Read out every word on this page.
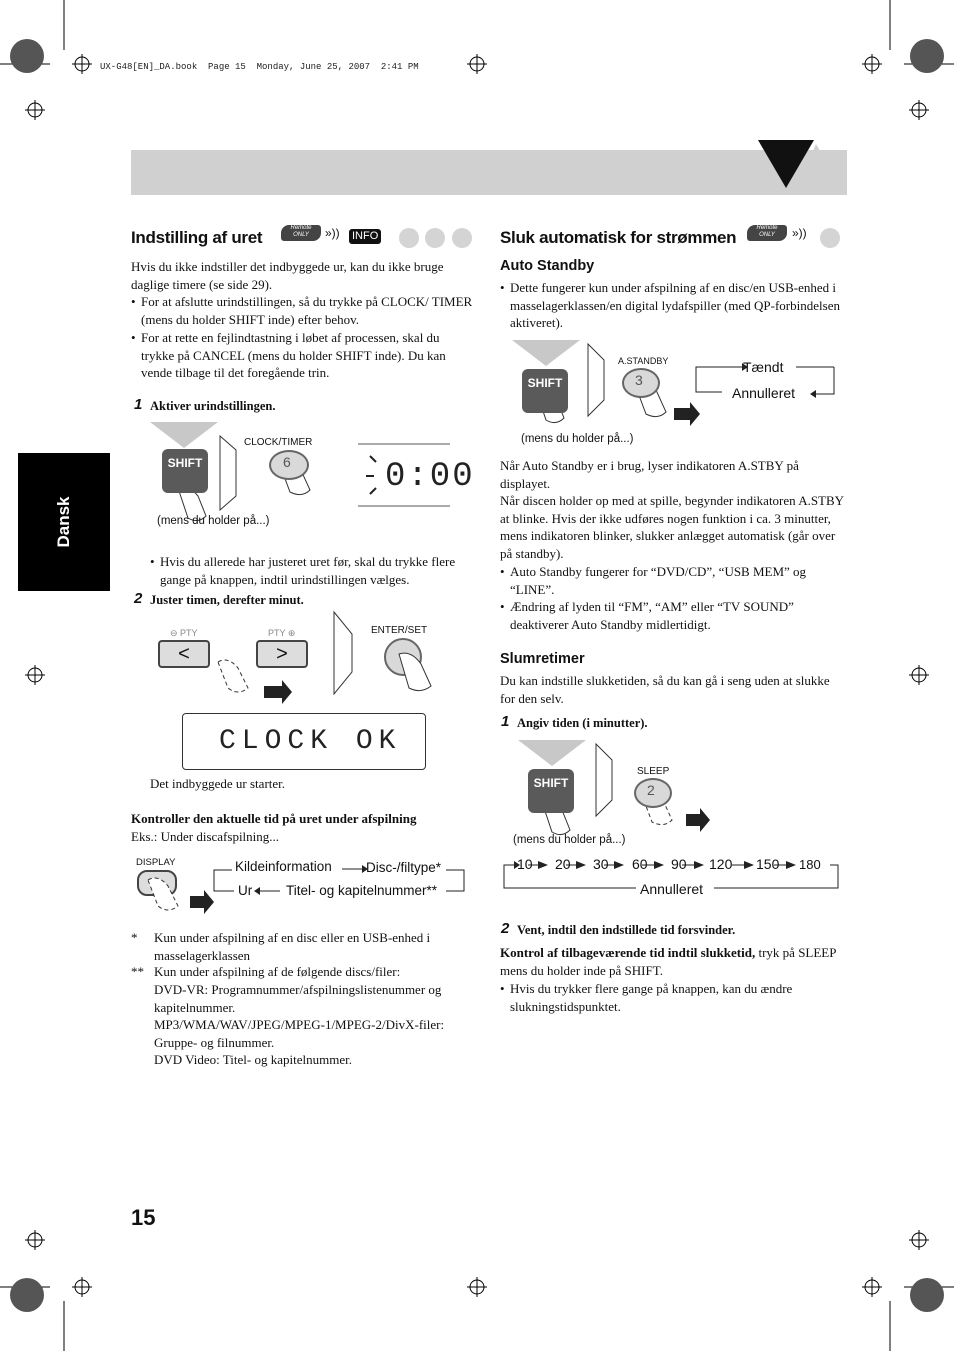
UX-G48[EN]_DA.book  Page 15  Monday, June 25, 2007  2:41 PM
Dansk
Indstilling af uret	Remote
ONLY	»)) INFO
Hvis du ikke indstiller det indbyggede ur, kan du ikke bruge daglige timere (se side 29).
• For at afslutte urindstillingen, så du trykke på CLOCK/ TIMER (mens du holder SHIFT inde) efter behov.
• For at rette en fejlindtastning i løbet af processen, skal du trykke på CANCEL (mens du holder SHIFT inde). Du kan vende tilbage til det foregående trin.
1 Aktiver urindstillingen.
SHIFT
CLOCK/TIMER
6	0:00
(mens du holder på...)
• Hvis du allerede har justeret uret før, skal du trykke flere gange på knappen, indtil urindstillingen vælges.
2 Juster timen, derefter minut.
⊖ PTY	PTY ⊕
<	>
ENTER/SET
CLOCK OK
Det indbyggede ur starter.
Kontroller den aktuelle tid på uret under afspilning
Eks.: Under discafspilning...
DISPLAY	Kildeinformation	Disc-/filtype*
Ur	Titel- og kapitelnummer**
*	Kun under afspilning af en disc eller en USB-enhed i masselagerklassen
** Kun under afspilning af de følgende discs/filer:
DVD-VR: Programnummer/afspilningslistenummer og kapitelnummer.
MP3/WMA/WAV/JPEG/MPEG-1/MPEG-2/DivX-filer:
Gruppe- og filnummer.
DVD Video: Titel- og kapitelnummer.
Sluk automatisk for strømmen	Remote
ONLY	»))
Auto Standby
• Dette fungerer kun under afspilning af en disc/en USB-enhed i masselagerklassen/en digital lydafspiller (med QP-forbindelsen aktiveret).
SHIFT
A.STANDBY
3
Tændt
Annulleret
(mens du holder på...)
Når Auto Standby er i brug, lyser indikatoren A.STBY på displayet.
Når discen holder op med at spille, begynder indikatoren A.STBY at blinke. Hvis der ikke udføres nogen funktion i ca. 3 minutter, mens indikatoren blinker, slukker anlægget automatisk (går over på standby).
• Auto Standby fungerer for “DVD/CD”, “USB MEM” og “LINE”.
• Ændring af lyden til “FM”, “AM” eller “TV SOUND” deaktiverer Auto Standby midlertidigt.
Slumretimer
Du kan indstille slukketiden, så du kan gå i seng uden at slukke for den selv.
1 Angiv tiden (i minutter).
SHIFT
SLEEP
2
(mens du holder på...)
10 20 30 60 90 120 150 180
Annulleret
2 Vent, indtil den indstillede tid forsvinder.
Kontrol af tilbageværende tid indtil slukketid, tryk på SLEEP mens du holder inde på SHIFT.
• Hvis du trykker flere gange på knappen, kan du ændre slukningstidspunktet.
15
